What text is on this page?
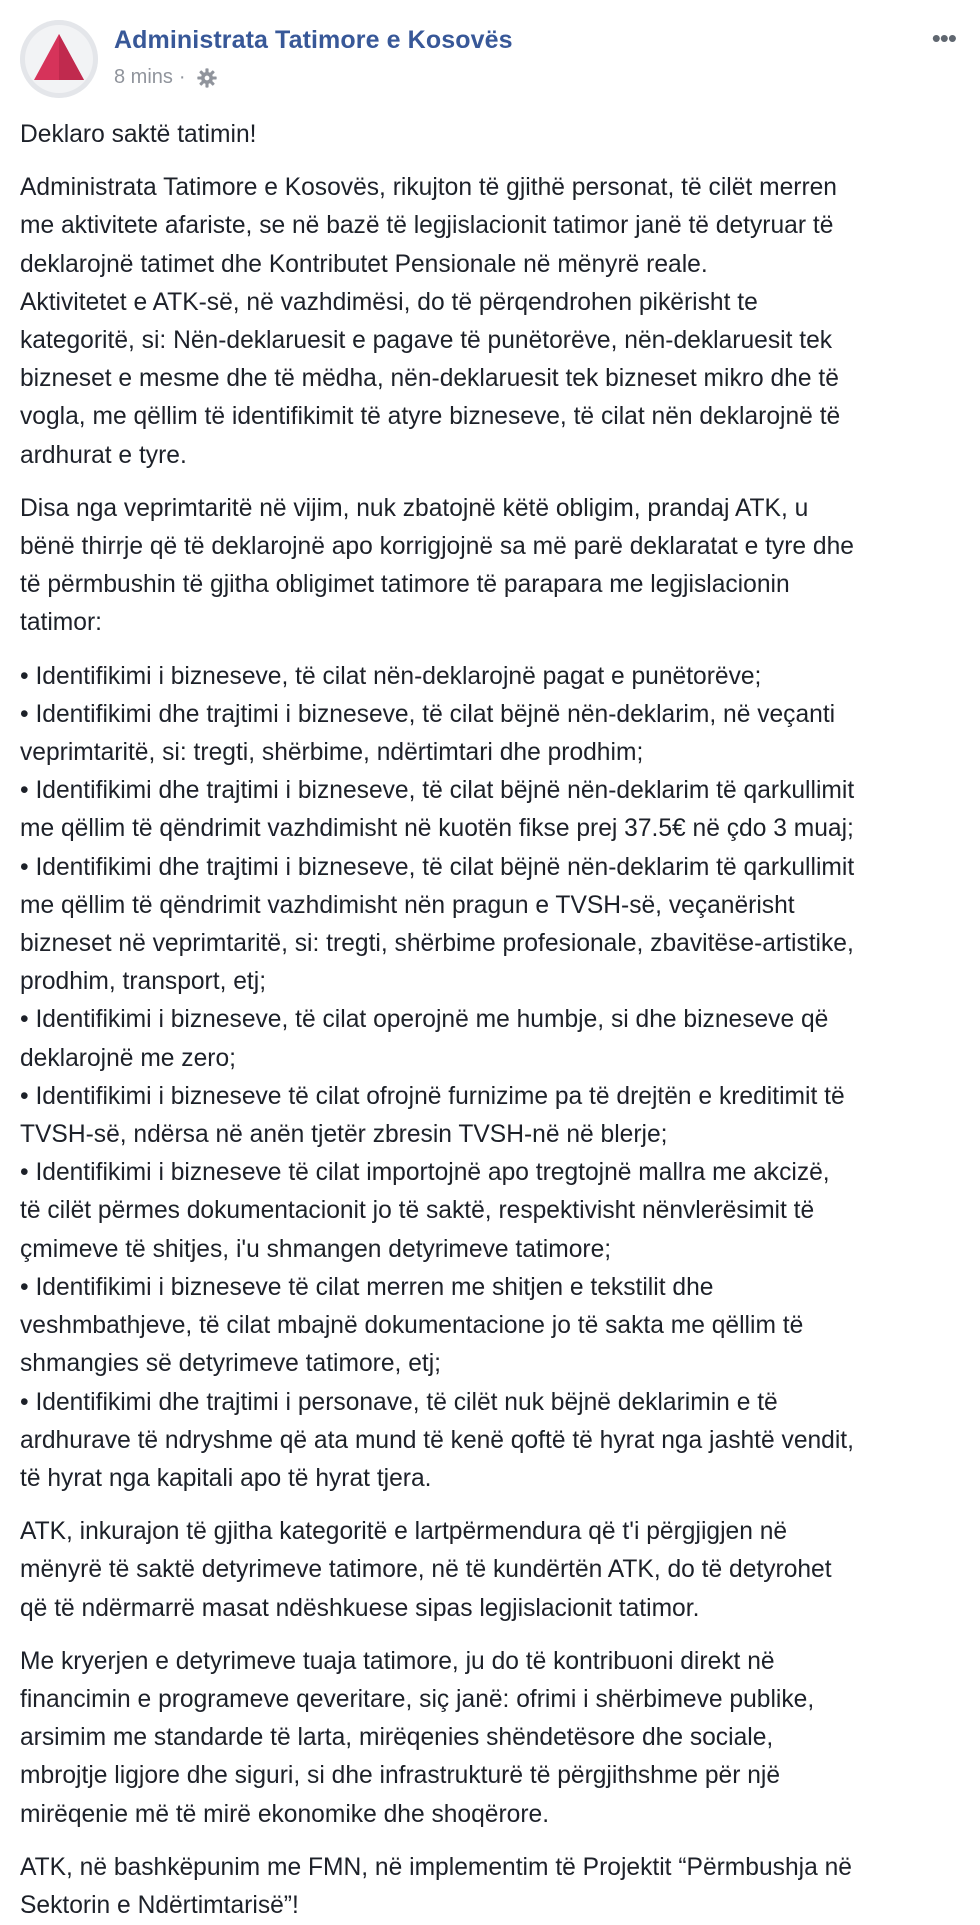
Administrata Tatimore e Kosovës
8 mins ·
•••

Deklaro saktë tatimin!

Administrata Tatimore e Kosovës, rikujton të gjithë personat, të cilët merren
me aktivitete afariste, se në bazë të legjislacionit tatimor janë të detyruar të
deklarojnë tatimet dhe Kontributet Pensionale në mënyrë reale.
Aktivitetet e ATK-së, në vazhdimësi, do të përqendrohen pikërisht te
kategoritë, si: Nën-deklaruesit e pagave të punëtorëve, nën-deklaruesit tek
bizneset e mesme dhe të mëdha, nën-deklaruesit tek bizneset mikro dhe të
vogla, me qëllim të identifikimit të atyre bizneseve, të cilat nën deklarojnë të
ardhurat e tyre.

Disa nga veprimtaritë në vijim, nuk zbatojnë këtë obligim, prandaj ATK, u
bënë thirrje që të deklarojnë apo korrigjojnë sa më parë deklaratat e tyre dhe
të përmbushin të gjitha obligimet tatimore të parapara me legjislacionin
tatimor:

• Identifikimi i bizneseve, të cilat nën-deklarojnë pagat e punëtorëve;
• Identifikimi dhe trajtimi i bizneseve, të cilat bëjnë nën-deklarim, në veçanti
veprimtaritë, si: tregti, shërbime, ndërtimtari dhe prodhim;
• Identifikimi dhe trajtimi i bizneseve, të cilat bëjnë nën-deklarim të qarkullimit
me qëllim të qëndrimit vazhdimisht në kuotën fikse prej 37.5€ në çdo 3 muaj;
• Identifikimi dhe trajtimi i bizneseve, të cilat bëjnë nën-deklarim të qarkullimit
me qëllim të qëndrimit vazhdimisht nën pragun e TVSH-së, veçanërisht
bizneset në veprimtaritë, si: tregti, shërbime profesionale, zbavitëse-artistike,
prodhim, transport, etj;
• Identifikimi i bizneseve, të cilat operojnë me humbje, si dhe bizneseve që
deklarojnë me zero;
• Identifikimi i bizneseve të cilat ofrojnë furnizime pa të drejtën e kreditimit të
TVSH-së, ndërsa në anën tjetër zbresin TVSH-në në blerje;
• Identifikimi i bizneseve të cilat importojnë apo tregtojnë mallra me akcizë,
të cilët përmes dokumentacionit jo të saktë, respektivisht nënvlerësimit të
çmimeve të shitjes, i'u shmangen detyrimeve tatimore;
• Identifikimi i bizneseve të cilat merren me shitjen e tekstilit dhe
veshmbathjeve, të cilat mbajnë dokumentacione jo të sakta me qëllim të
shmangies së detyrimeve tatimore, etj;
• Identifikimi dhe trajtimi i personave, të cilët nuk bëjnë deklarimin e të
ardhurave të ndryshme që ata mund të kenë qoftë të hyrat nga jashtë vendit,
të hyrat nga kapitali apo të hyrat tjera.

ATK, inkurajon të gjitha kategoritë e lartpërmendura që t'i përgjigjen në
mënyrë të saktë detyrimeve tatimore, në të kundërtën ATK, do të detyrohet
që të ndërmarrë masat ndëshkuese sipas legjislacionit tatimor.

Me kryerjen e detyrimeve tuaja tatimore, ju do të kontribuoni direkt në
financimin e programeve qeveritare, siç janë: ofrimi i shërbimeve publike,
arsimim me standarde të larta, mirëqenies shëndetësore dhe sociale,
mbrojtje ligjore dhe siguri, si dhe infrastrukturë të përgjithshme për një
mirëqenie më të mirë ekonomike dhe shoqërore.

ATK, në bashkëpunim me FMN, në implementim të Projektit “Përmbushja në
Sektorin e Ndërtimtarisë”!
